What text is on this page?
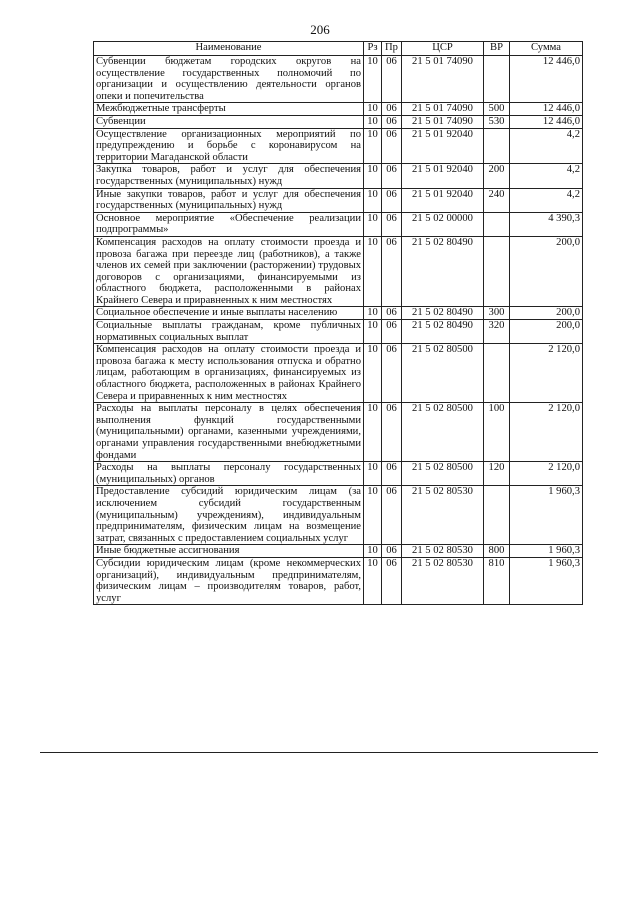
206
Наименование	Рз	Пр	ЦСР	ВР	Сумма
Субвенции бюджетам городских округов на осуществление государственных полномочий по организации и осуществлению деятельности органов опеки и попечительства	10	06	21 5 01 74090		12 446,0
Межбюджетные трансферты	10	06	21 5 01 74090	500	12 446,0
Субвенции	10	06	21 5 01 74090	530	12 446,0
Осуществление организационных мероприятий по предупреждению и борьбе с коронавирусом на территории Магаданской области	10	06	21 5 01 92040		4,2
Закупка товаров, работ и услуг для обеспечения государственных (муниципальных) нужд	10	06	21 5 01 92040	200	4,2
Иные закупки товаров, работ и услуг для обеспечения государственных (муниципальных) нужд	10	06	21 5 01 92040	240	4,2
Основное мероприятие «Обеспечение реализации подпрограммы»	10	06	21 5 02 00000		4 390,3
Компенсация расходов на оплату стоимости проезда и провоза багажа при переезде лиц (работников), а также членов их семей при заключении (расторжении) трудовых договоров с организациями, финансируемыми из областного бюджета, расположенными в районах Крайнего Севера и приравненных к ним местностях	10	06	21 5 02 80490		200,0
Социальное обеспечение и иные выплаты населению	10	06	21 5 02 80490	300	200,0
Социальные выплаты гражданам, кроме публичных нормативных социальных выплат	10	06	21 5 02 80490	320	200,0
Компенсация расходов на оплату стоимости проезда и провоза багажа к месту использования отпуска и обратно лицам, работающим в организациях, финансируемых из областного бюджета, расположенных в районах Крайнего Севера и приравненных к ним местностях	10	06	21 5 02 80500		2 120,0
Расходы на выплаты персоналу в целях обеспечения выполнения функций государственными (муниципальными) органами, казенными учреждениями, органами управления государственными внебюджетными фондами	10	06	21 5 02 80500	100	2 120,0
Расходы на выплаты персоналу государственных (муниципальных) органов	10	06	21 5 02 80500	120	2 120,0
Предоставление субсидий юридическим лицам (за исключением субсидий государственным (муниципальным) учреждениям), индивидуальным предпринимателям, физическим лицам на возмещение затрат, связанных с предоставлением социальных услуг	10	06	21 5 02 80530		1 960,3
Иные бюджетные ассигнования	10	06	21 5 02 80530	800	1 960,3
Субсидии юридическим лицам (кроме некоммерческих организаций), индивидуальным предпринимателям, физическим лицам – производителям товаров, работ, услуг	10	06	21 5 02 80530	810	1 960,3
